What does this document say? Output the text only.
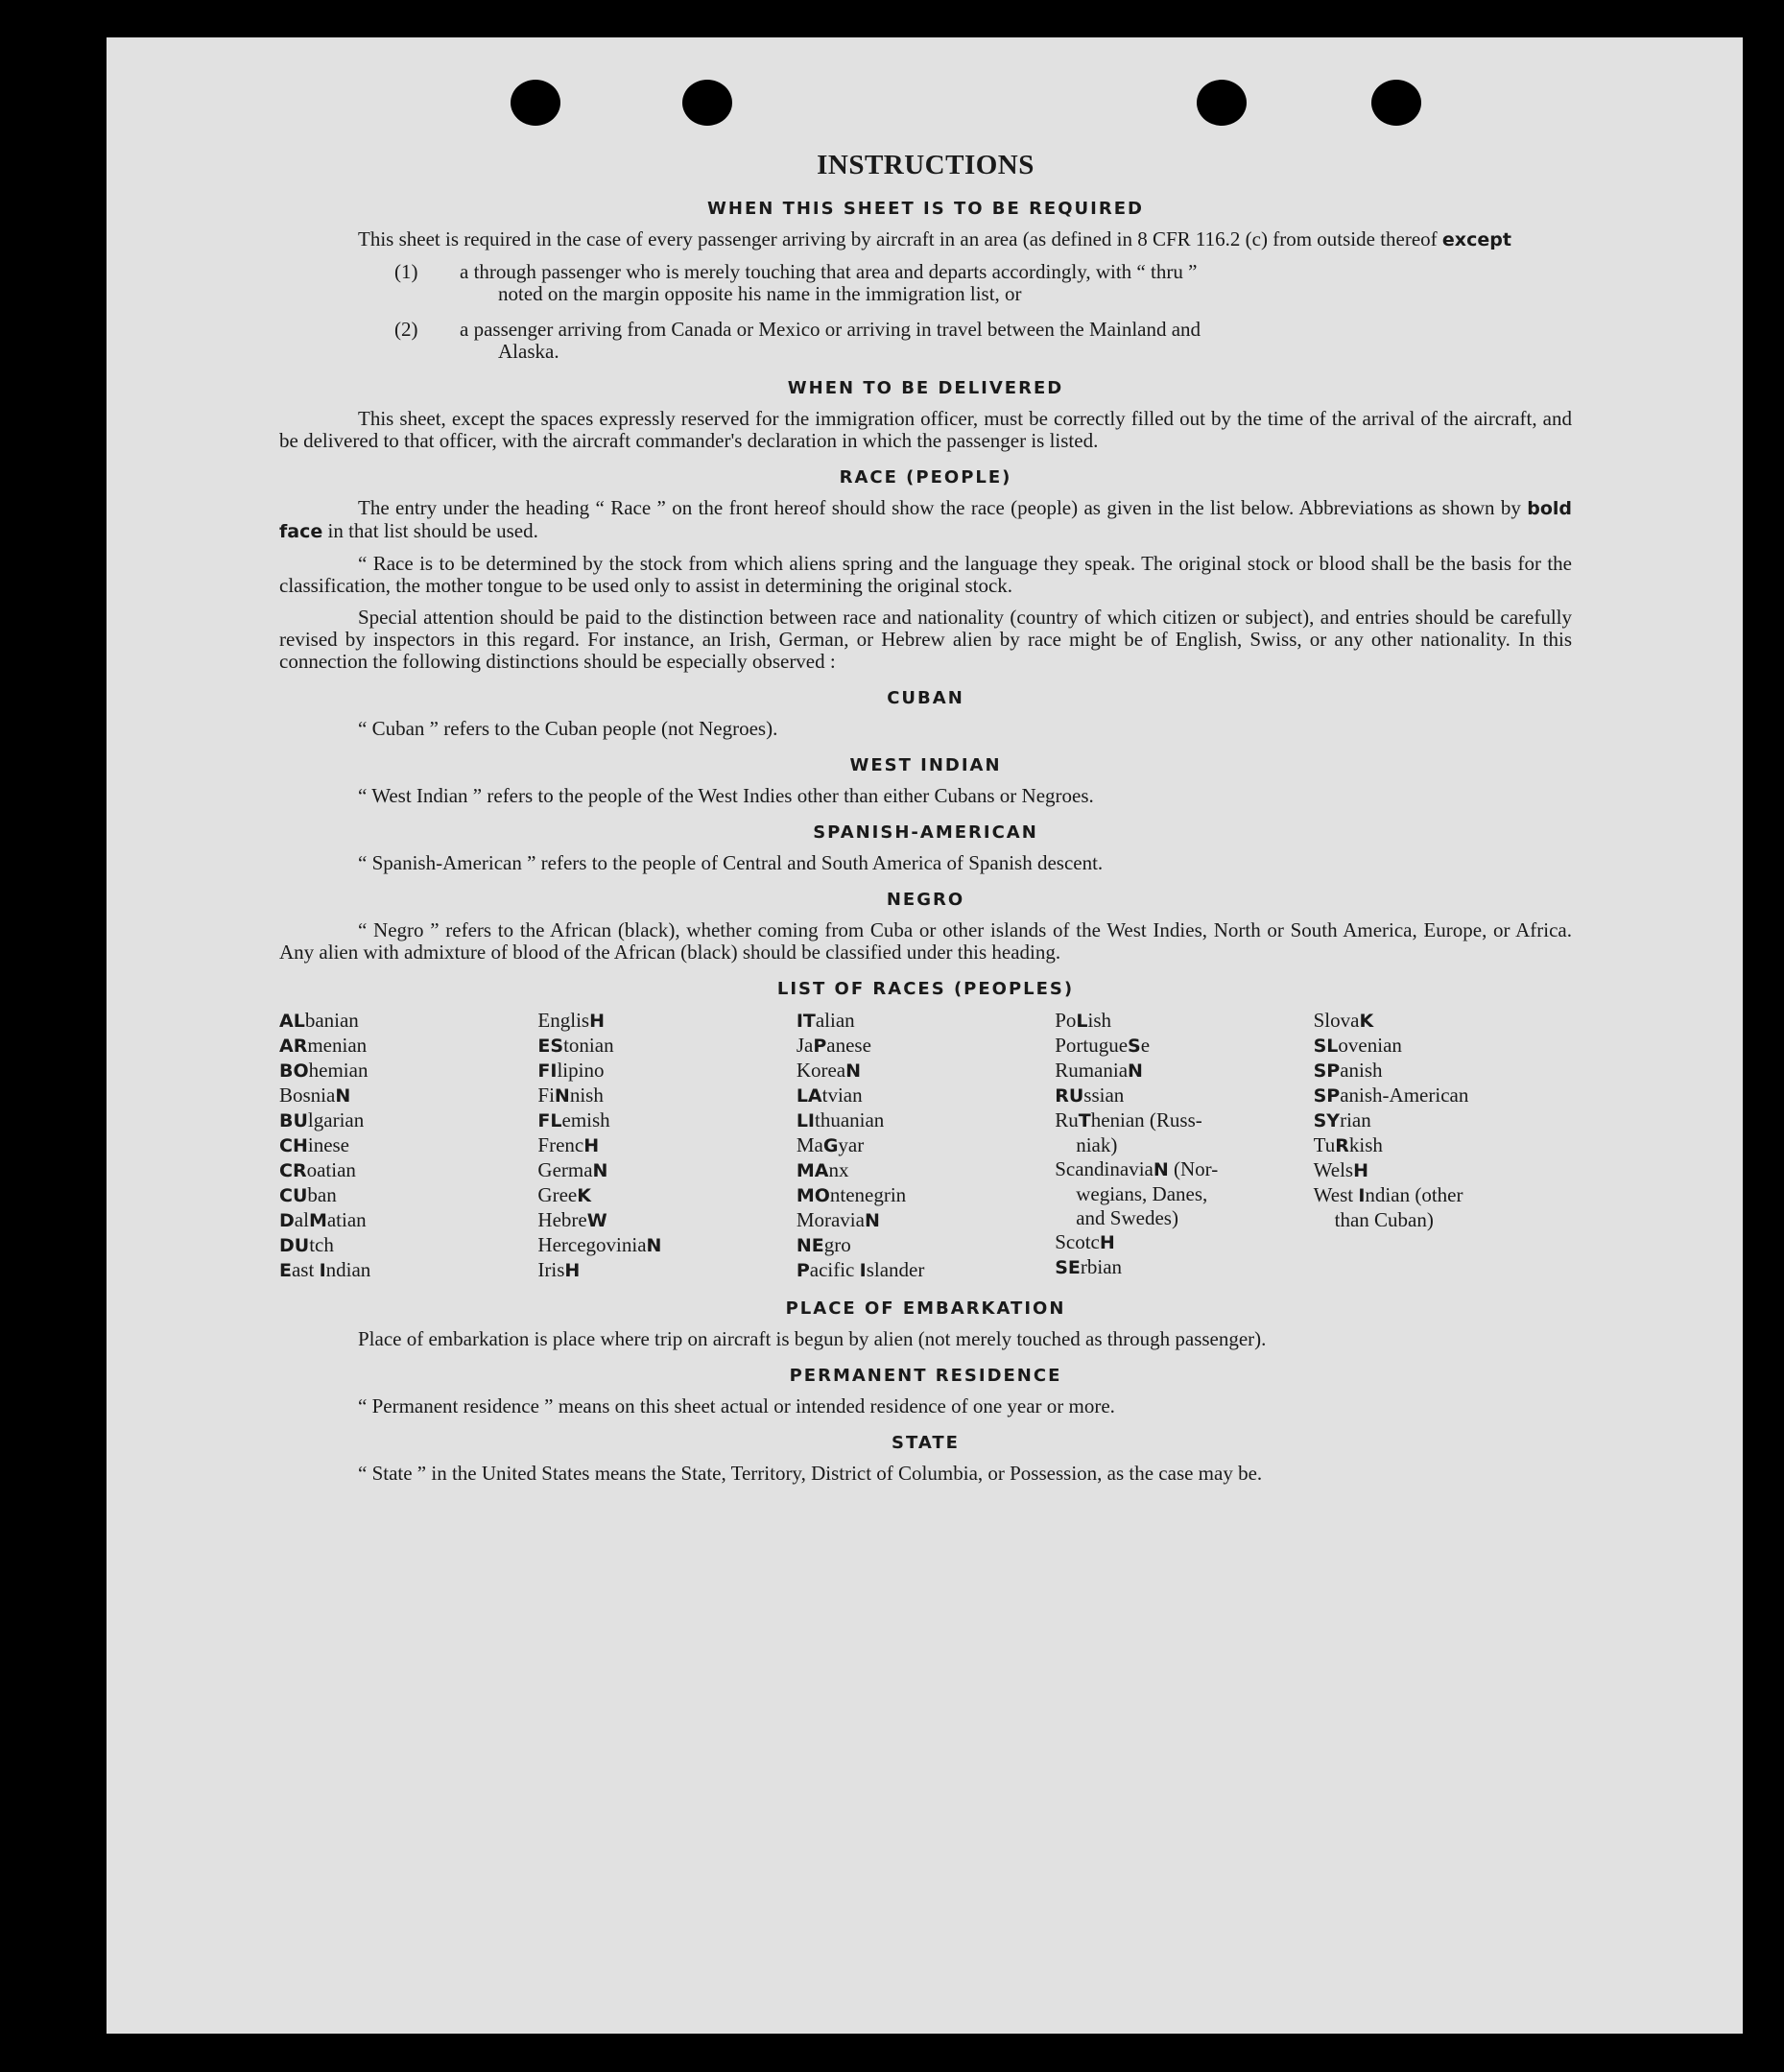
INSTRUCTIONS
WHEN THIS SHEET IS TO BE REQUIRED

This sheet is required in the case of every passenger arriving by aircraft in an area (as defined in 8 CFR 116.2 (c) from outside thereof except

(1)	a through passenger who is merely touching that area and departs accordingly, with “ thru ”
noted on the margin opposite his name in the immigration list, or
(2)	a passenger arriving from Canada or Mexico or arriving in travel between the Mainland and
Alaska.
WHEN TO BE DELIVERED

This sheet, except the spaces expressly reserved for the immigration officer, must be correctly filled out by the time of the arrival of the aircraft, and be delivered to that officer, with the aircraft commander's declaration in which the passenger is listed.

RACE (PEOPLE)

The entry under the heading “ Race ” on the front hereof should show the race (people) as given in the list below. Abbreviations as shown by bold face in that list should be used.

“ Race is to be determined by the stock from which aliens spring and the language they speak. The original stock or blood shall be the basis for the classification, the mother tongue to be used only to assist in determining the original stock.

Special attention should be paid to the distinction between race and nationality (country of which citizen or subject), and entries should be carefully revised by inspectors in this regard. For instance, an Irish, German, or Hebrew alien by race might be of English, Swiss, or any other nationality. In this connection the following distinctions should be especially observed :

CUBAN

“ Cuban ” refers to the Cuban people (not Negroes).

WEST INDIAN

“ West Indian ” refers to the people of the West Indies other than either Cubans or Negroes.

SPANISH-AMERICAN

“ Spanish-American ” refers to the people of Central and South America of Spanish descent.

NEGRO

“ Negro ” refers to the African (black), whether coming from Cuba or other islands of the West Indies, North or South America, Europe, or Africa. Any alien with admixture of blood of the African (black) should be classified under this heading.

LIST OF RACES (PEOPLES)
ALbanian
ARmenian
BOhemian
BosniaN
BUlgarian
CHinese
CRoatian
CUban
DalMatian
DUtch
East Indian
EnglisH
EStonian
FIlipino
FiNnish
FLemish
FrencH
GermaN
GreeK
HebreW
HercegoviniaN
IrisH
ITalian
JaPanese
KoreaN
LAtvian
LIthuanian
MaGyar
MAnx
MOntenegrin
MoraviaN
NEgro
Pacific Islander
PoLish
PortugueSe
RumaniaN
RUssian
RuThenian (Russ-
niak)
ScandinaviaN (Nor-
wegians, Danes,
and Swedes)
ScotcH
SErbian
SlovaK
SLovenian
SPanish
SPanish-American
SYrian
TuRkish
WelsH
West Indian (other
than Cuban)
PLACE OF EMBARKATION

Place of embarkation is place where trip on aircraft is begun by alien (not merely touched as through passenger).

PERMANENT RESIDENCE

“ Permanent residence ” means on this sheet actual or intended residence of one year or more.

STATE

“ State ” in the United States means the State, Territory, District of Columbia, or Possession, as the case may be.
